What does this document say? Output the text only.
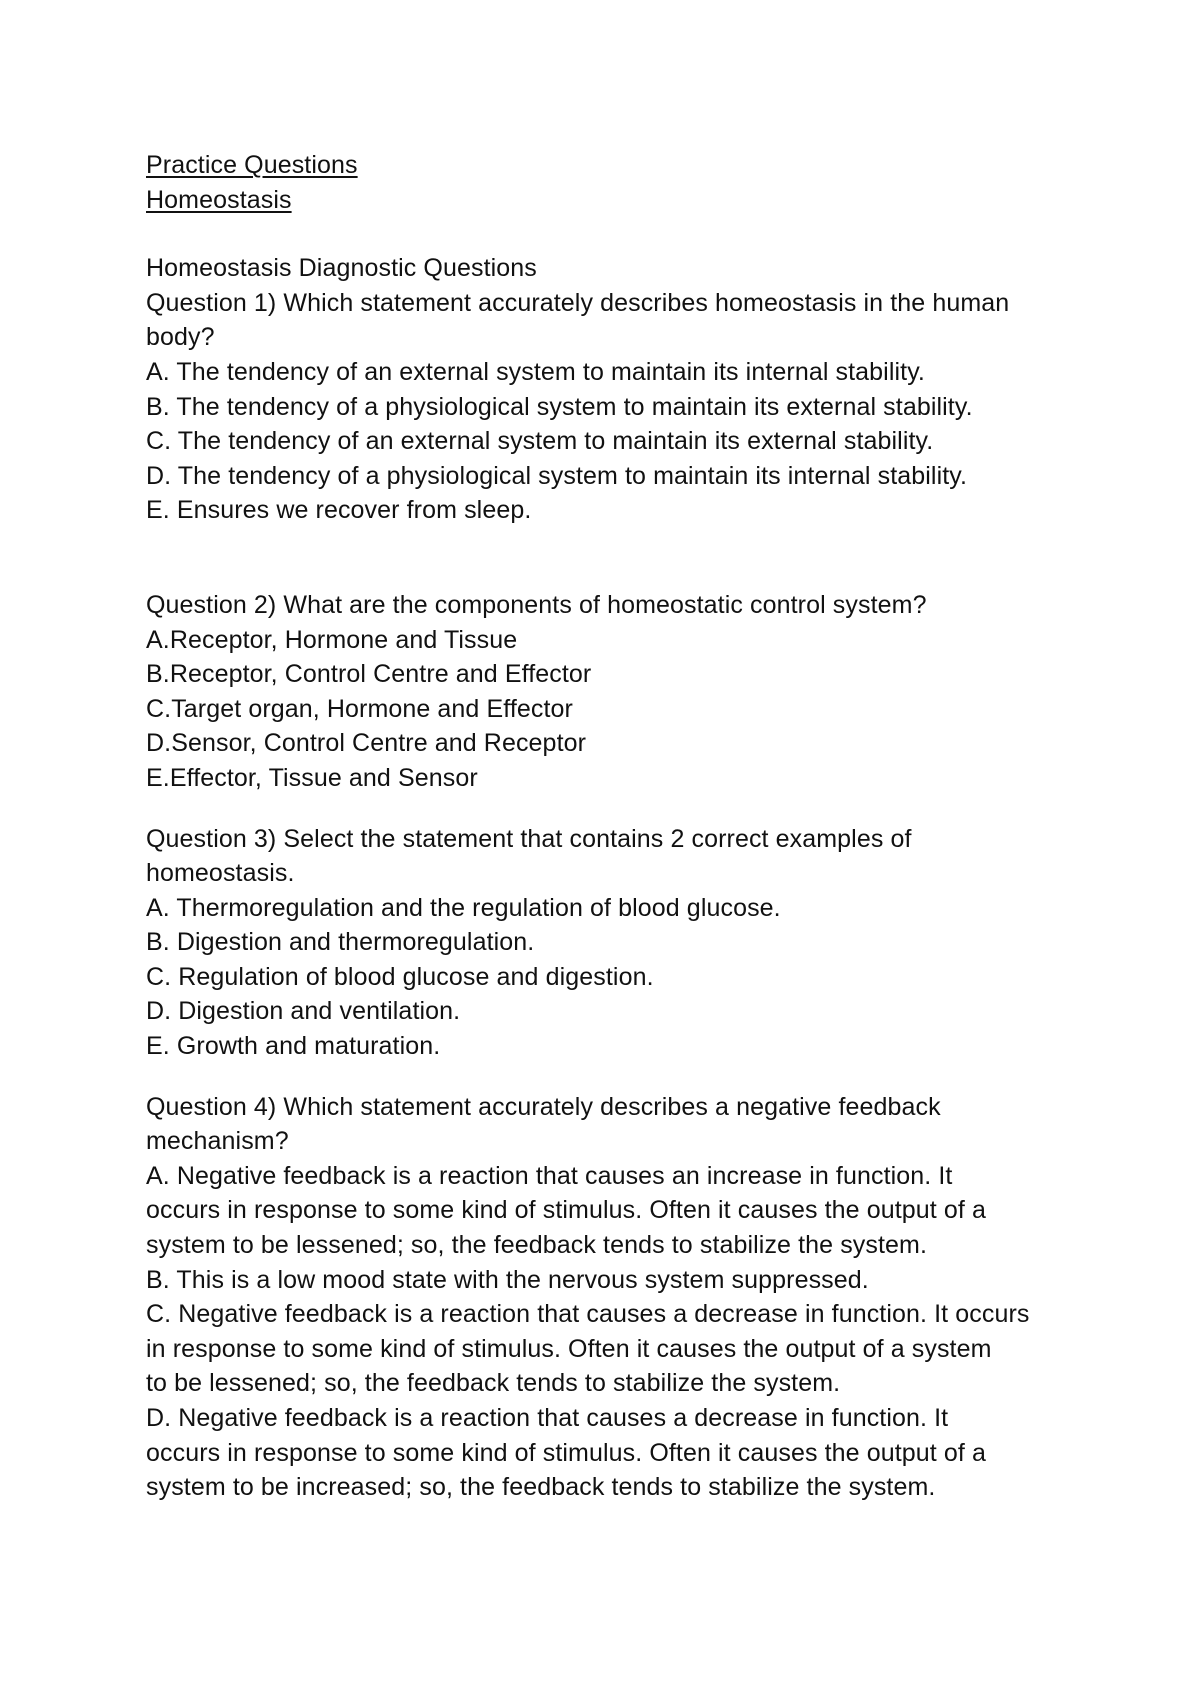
Practice Questions
Homeostasis
Homeostasis Diagnostic Questions
Question 1) Which statement accurately describes homeostasis in the human
body?
A. The tendency of an external system to maintain its internal stability.
B. The tendency of a physiological system to maintain its external stability.
C. The tendency of an external system to maintain its external stability.
D. The tendency of a physiological system to maintain its internal stability.
E. Ensures we recover from sleep.
Question 2) What are the components of homeostatic control system?
A.Receptor, Hormone and Tissue
B.Receptor, Control Centre and Effector
C.Target organ, Hormone and Effector
D.Sensor, Control Centre and Receptor
E.Effector, Tissue and Sensor
Question 3) Select the statement that contains 2 correct examples of
homeostasis.
A. Thermoregulation and the regulation of blood glucose.
B. Digestion and thermoregulation.
C. Regulation of blood glucose and digestion.
D. Digestion and ventilation.
E. Growth and maturation.
Question 4) Which statement accurately describes a negative feedback
mechanism?
A. Negative feedback is a reaction that causes an increase in function. It
occurs in response to some kind of stimulus. Often it causes the output of a
system to be lessened; so, the feedback tends to stabilize the system.
B. This is a low mood state with the nervous system suppressed.
C. Negative feedback is a reaction that causes a decrease in function. It occurs
in response to some kind of stimulus. Often it causes the output of a system
to be lessened; so, the feedback tends to stabilize the system.
D. Negative feedback is a reaction that causes a decrease in function. It
occurs in response to some kind of stimulus. Often it causes the output of a
system to be increased; so, the feedback tends to stabilize the system.
